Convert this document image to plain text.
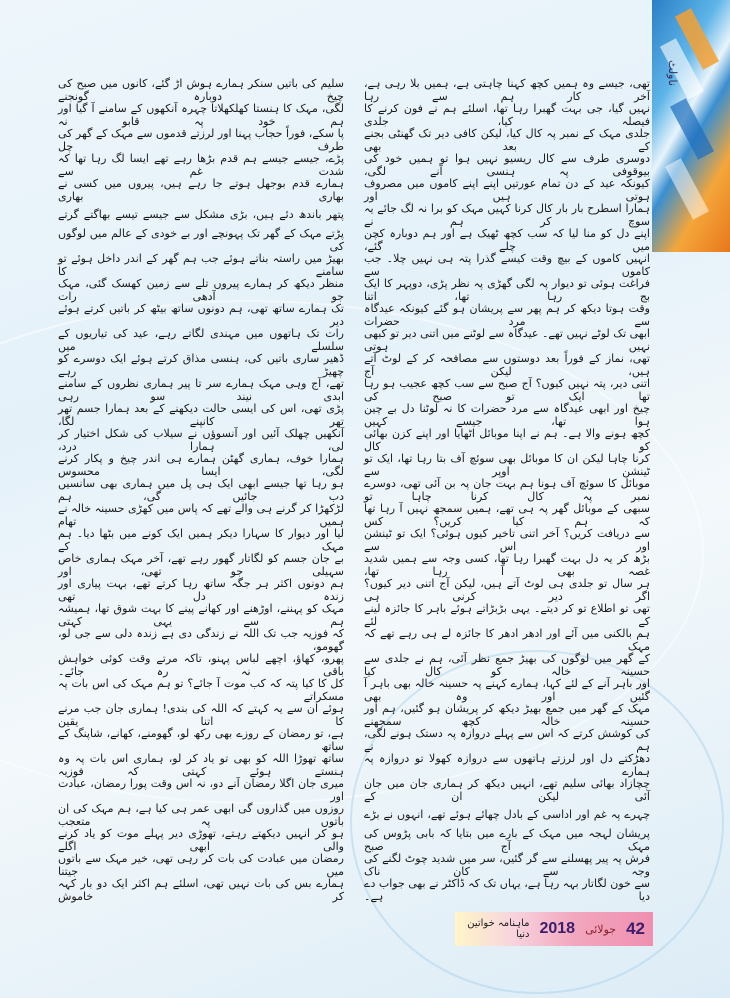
ناولٹ
تھی، جیسے وہ ہمیں کچھ کہنا چاہتی ہے، ہمیں بلا رہی ہے، آخر کار ہم سے رہا
نہیں گیا، جی بہت گھبرا رہا تھا، اسلئے ہم نے فون کرنے کا فیصلہ کیا، جلدی
جلدی مہک کے نمبر پہ کال کیا، لیکن کافی دیر تک گھنٹی بجنے کے بعد بھی
دوسری طرف سے کال ریسیو نہیں ہوا تو ہمیں خود کی بیوقوفی پہ ہنسی آنے لگی،
کیونکہ عید کے دن تمام عورتیں اپنے اپنے کاموں میں مصروف ہوتی ہیں اور
ہمارا اسطرح بار بار کال کرنا کہیں مہک کو برا نہ لگ جائے یہ سوچ کر ہم نے
اپنے دل کو منا لیا کہ سب کچھ ٹھیک ہے اور ہم دوبارہ کچن میں چلے گئے،
انہیں کاموں کے بیچ وقت کیسے گذرا پتہ ہی نہیں چلا۔ جب کاموں سے
فراغت ہوئی تو دیوار پہ لگی گھڑی پہ نظر پڑی، دوپہر کا ایک بج رہا تھا، اتنا
وقت ہوتا دیکھ کر ہم پھر سے پریشان ہو گئے کیونکہ عیدگاہ سے مرد حضرات
ابھی تک لوٹے نہیں تھے۔ عیدگاہ سے لوٹنے میں اتنی دیر تو کبھی نہیں ہوتی
تھی، نماز کے فوراً بعد دوستوں سے مصافحہ کر کے لوٹ آتے ہیں، لیکن آج
اتنی دیر، پتہ نہیں کیوں؟ آج صبح سے سب کچھ عجیب ہو رہا تھا ایک تو صبح کی
چیخ اور ابھی عیدگاہ سے مرد حضرات کا نہ لوٹنا دل بے چین ہوا تھا، جیسے کہیں
کچھ ہونے والا ہے۔ ہم نے اپنا موبائل اٹھایا اور اپنے کزن بھائی کو کال
کرنا چاہا لیکن ان کا موبائل بھی سوئچ آف بتا رہا تھا، ایک تو ٹینشن اوپر سے
موبائل کا سوئچ آف ہونا ہم بہت جان پہ بن آئی تھی، دوسرے نمبر پہ کال کرنا چاہا تو
سبھی کے موبائل گھر پہ ہی تھے، ہمیں سمجھ نہیں آ رہا تھا کہ ہم کیا کریں؟ کس
سے دریافت کریں؟ آخر اتنی تاخیر کیوں ہوئی؟ ایک تو ٹینشن اور اس سے
بڑھ کر یہ دل بہت گھبرا رہا تھا، کسی وجہ سے ہمیں شدید غصہ بھی آ رہا تھا،
ہر سال تو جلدی ہی لوٹ آتے ہیں، لیکن آج اتنی دیر کیوں؟ اگر دیر کرنی ہی
تھی تو اطلاع تو کر دیتے۔ یہی بڑبڑاتے ہوئے باہر کا جائزہ لینے کے لئے
ہم بالکنی میں آئے اور ادھر ادھر کا جائزہ لے ہی رہے تھے کہ مہک
کے گھر میں لوگوں کی بھیڑ جمع نظر آئی، ہم نے جلدی سے حسینہ خالہ کو کال کیا
اور باہر آنے کے لئے کہا، ہمارے کہنے پہ حسینہ خالہ بھی باہر آ گئیں اور وہ بھی
مہک کے گھر میں جمع بھیڑ دیکھ کر پریشان ہو گئیں، ہم اور حسینہ خالہ کچھ سمجھنے
کی کوشش کرتے کہ اس سے پہلے دروازہ پہ دستک ہونے لگی، ہم نے
دھڑکتے دل اور لرزتے ہاتھوں سے دروازہ کھولا تو دروازہ پہ ہمارے
چچازاد بھائی سلیم تھے، انہیں دیکھ کر ہماری جان میں جان آئی لیکن ان کے
چہرے پہ غم اور اداسی کے بادل چھائے ہوئے تھے، انہوں نے بڑے
پریشان لہجہ میں مہک کے بارے میں بتایا کہ بابی پڑوس کی مہک آج صبح
فرش پہ پیر پھسلنے سے گر گئیں، سر میں شدید چوٹ لگنے کی وجہ سے کان ناک
سے خون لگاتار بہہ رہا ہے، یہاں تک کہ ڈاکٹر نے بھی جواب دے دیا ہے۔
سلیم کی باتیں سنکر ہمارے ہوش اڑ گئے، کانوں میں صبح کی چیخ دوبارہ گونجنے
لگی، مہک کا ہنستا کھلکھلاتا چہرہ آنکھوں کے سامنے آ گیا اور ہم خود پہ قابو نہ
پا سکے، فوراً حجاب پہنا اور لرزتے قدموں سے مہک کے گھر کی طرف چل
پڑے، جیسے جیسے ہم قدم بڑھا رہے تھے ایسا لگ رہا تھا کہ شدت غم سے
ہمارے قدم بوجھل ہوتے جا رہے ہیں، پیروں میں کسی نے بھاری بھاری
پتھر باندھ دئے ہیں، بڑی مشکل سے جیسے تیسے بھاگتے گرتے
پڑتے مہک کے گھر تک پہونچے اور بے خودی کے عالم میں لوگوں کی
بھیڑ میں راستہ بناتے ہوئے جب ہم گھر کے اندر داخل ہوئے تو سامنے کا
منظر دیکھ کر ہمارے پیروں تلے سے زمین کھسک گئی، مہک جو آدھی رات
تک ہمارے ساتھ تھی، ہم دونوں ساتھ بیٹھ کر باتیں کرتے ہوئے دیر
رات تک ہاتھوں میں مہندی لگاتے رہے، عید کی تیاریوں کے سلسلے میں
ڈھیر ساری باتیں کی، ہنسی مذاق کرتے ہوئے ایک دوسرے کو چھیڑ رہے
تھے، آج وہی مہک ہمارے سر تا پیر ہماری نظروں کے سامنے ابدی نیند سو رہی
پڑی تھی، اس کی ایسی حالت دیکھنے کے بعد ہمارا جسم تھر تھر کانپنے لگا،
آنکھیں چھلک آئیں اور آنسوؤں نے سیلاب کی شکل اختیار کر لی، ہمارا درد،
ہمارا خوف، ہماری گھٹن ہمارے ہی اندر چیخ و پکار کرنے لگی، ایسا محسوس
ہو رہا تھا جیسے ابھی ایک ہی پل میں ہماری بھی سانسیں دب جائیں گی، ہم
لڑکھڑا کر گرنے ہی والے تھے کہ پاس میں کھڑی حسینہ خالہ نے ہمیں تھام
لیا اور دیوار کا سہارا دیکر ہمیں ایک کونے میں بٹھا دیا۔ ہم مہک کے
بے جان جسم کو لگاتار گھور رہے تھے، آخر مہک ہماری خاص سہیلی جو تھی، اور
ہم دونوں اکثر ہر جگہ ساتھ رہا کرتے تھے، بہت پیاری اور زندہ دل تھی
مہک کو پہننے، اوڑھنے اور کھانے پینے کا بہت شوق تھا، ہمیشہ ہم سے یہی کہتی
کہ فوزیہ جب تک اللہ نے زندگی دی ہے زندہ دلی سے جی لو، گھومو،
پھرو، کھاؤ، اچھے لباس پہنو، تاکہ مرتے وقت کوئی خواہش باقی نہ رہ جائے۔
کل کا کیا پتہ کہ کب موت آ جائے؟ تو ہم مہک کی اس بات پہ مسکراتے
ہوئے ان سے یہ کہتے کہ اللہ کی بندی! ہماری جان جب مرنے کا اتنا یقین
ہے، تو رمضان کے روزے بھی رکھ لو، گھومنے، کھانے، شاپنگ کے ساتھ
ساتھ تھوڑا اللہ کو بھی تو یاد کر لو، ہماری اس بات پہ وہ ہنستے ہوئے کہتی کہ فوزیہ
میری جان اگلا رمضان آنے دو، نہ اس وقت پورا رمضان، عبادت اور
روزوں میں گذاروں گی ابھی عمر ہی کیا ہے، ہم مہک کی ان باتوں پہ متعجب
ہو کر انہیں دیکھتے رہتے، تھوڑی دیر پہلے موت کو یاد کرنے والی ابھی اگلے
رمضان میں عبادت کی بات کر رہی تھی، خیر مہک سے باتوں میں جیتنا
ہمارے بس کی بات نہیں تھی، اسلئے ہم اکثر ایک دو بار کہہ کر خاموش
42
جولائی
2018
ماہنامہ خواتین دنیا
